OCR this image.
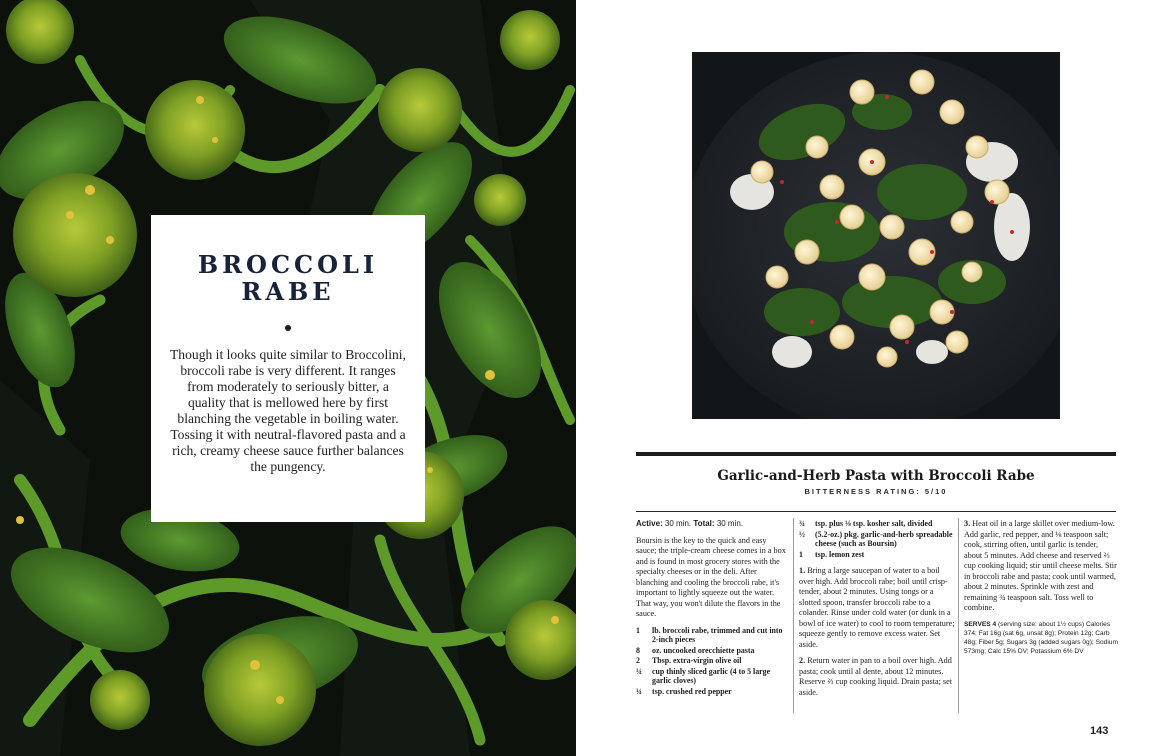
BROCCOLI RABE
Though it looks quite similar to Broccolini, broccoli rabe is very different. It ranges from moderately to seriously bitter, a quality that is mellowed here by first blanching the vegetable in boiling water. Tossing it with neutral-flavored pasta and a rich, creamy cheese sauce further balances the pungency.
Garlic-and-Herb Pasta with Broccoli Rabe
BITTERNESS RATING: 5/10
Active: 30 min. Total: 30 min.
Boursin is the key to the quick and easy sauce; the triple-cream cheese comes in a box and is found in most grocery stores with the specialty cheeses or in the deli. After blanching and cooling the broccoli rabe, it's important to lightly squeeze out the water. That way, you won't dilute the flavors in the sauce.
1	lb. broccoli rabe, trimmed and cut into 2-inch pieces
8	oz. uncooked orecchiette pasta
2	Tbsp. extra-virgin olive oil
¼	cup thinly sliced garlic (4 to 5 large garlic cloves)
¼	tsp. crushed red pepper
¾	tsp. plus ⅛ tsp. kosher salt, divided
½	(5.2-oz.) pkg. garlic-and-herb spreadable cheese (such as Boursin)
1	tsp. lemon zest
1. Bring a large saucepan of water to a boil over high. Add broccoli rabe; boil until crisp-tender, about 2 minutes. Using tongs or a slotted spoon, transfer broccoli rabe to a colander. Rinse under cold water (or dunk in a bowl of ice water) to cool to room temperature; squeeze gently to remove excess water. Set aside.
2. Return water in pan to a boil over high. Add pasta; cook until al dente, about 12 minutes. Reserve ⅔ cup cooking liquid. Drain pasta; set aside.
3. Heat oil in a large skillet over medium-low. Add garlic, red pepper, and ⅛ teaspoon salt; cook, stirring often, until garlic is tender, about 5 minutes. Add cheese and reserved ⅔ cup cooking liquid; stir until cheese melts. Stir in broccoli rabe and pasta; cook until warmed, about 2 minutes. Sprinkle with zest and remaining ¾ teaspoon salt. Toss well to combine.
SERVES 4 (serving size: about 1½ cups) Calories 374; Fat 16g (sat 6g, unsat 8g); Protein 12g; Carb 48g; Fiber 5g; Sugars 3g (added sugars 0g); Sodium 573mg; Calc 15% DV; Potassium 6% DV
143
